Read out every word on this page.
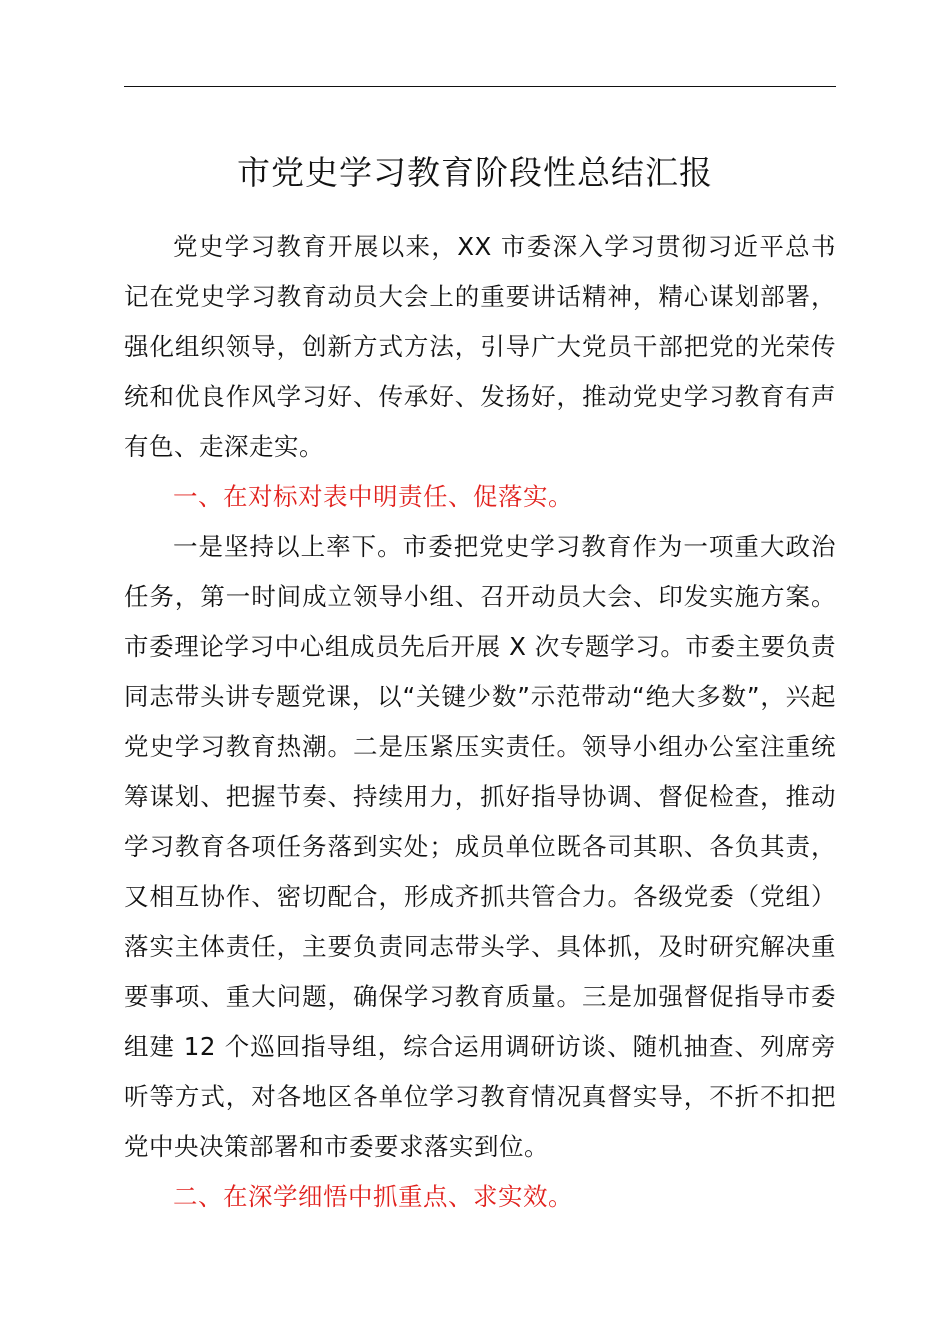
市党史学习教育阶段性总结汇报

党史学习教育开展以来，XX 市委深入学习贯彻习近平总书记在党史学习教育动员大会上的重要讲话精神，精心谋划部署，强化组织领导，创新方式方法，引导广大党员干部把党的光荣传统和优良作风学习好、传承好、发扬好，推动党史学习教育有声有色、走深走实。

一、在对标对表中明责任、促落实。

一是坚持以上率下。市委把党史学习教育作为一项重大政治任务，第一时间成立领导小组、召开动员大会、印发实施方案。市委理论学习中心组成员先后开展 X 次专题学习。市委主要负责同志带头讲专题党课，以“关键少数”示范带动“绝大多数”，兴起党史学习教育热潮。二是压紧压实责任。领导小组办公室注重统筹谋划、把握节奏、持续用力，抓好指导协调、督促检查，推动学习教育各项任务落到实处；成员单位既各司其职、各负其责，又相互协作、密切配合，形成齐抓共管合力。各级党委（党组）落实主体责任，主要负责同志带头学、具体抓，及时研究解决重要事项、重大问题，确保学习教育质量。三是加强督促指导市委组建 12 个巡回指导组，综合运用调研访谈、随机抽查、列席旁听等方式，对各地区各单位学习教育情况真督实导，不折不扣把党中央决策部署和市委要求落实到位。

二、在深学细悟中抓重点、求实效。
